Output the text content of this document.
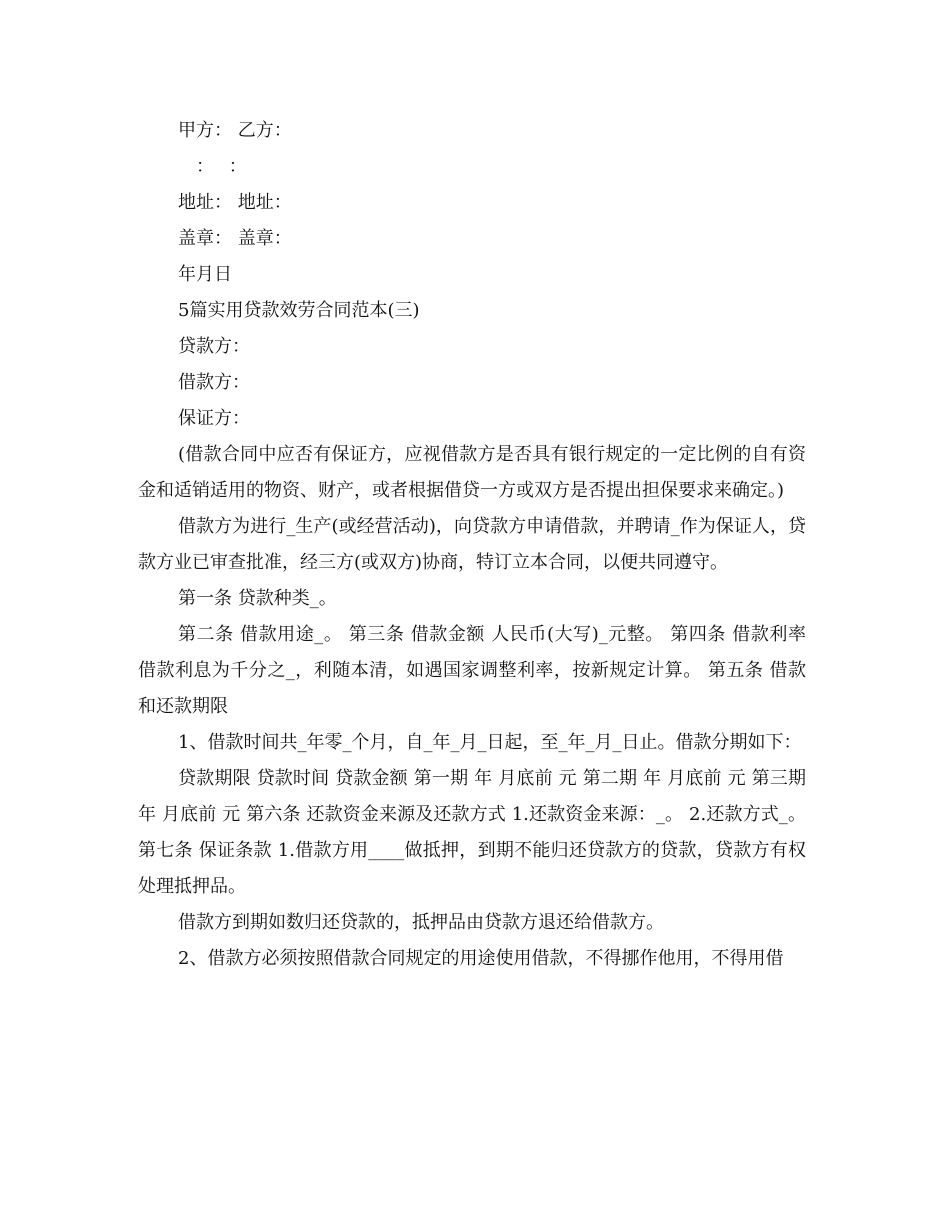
甲方： 乙方：
　：　 ：
地址： 地址：
盖章： 盖章：
年月日
5篇实用贷款效劳合同范本(三)
贷款方：
借款方：
保证方：

(借款合同中应否有保证方，应视借款方是否具有银行规定的一定比例的自有资金和适销适用的物资、财产，或者根据借贷一方或双方是否提出担保要求来确定。)

借款方为进行_生产(或经营活动)，向贷款方申请借款，并聘请_作为保证人，贷款方业已审查批准，经三方(或双方)协商，特订立本合同，以便共同遵守。

第一条 贷款种类_。

第二条 借款用途_。 第三条 借款金额 人民币(大写)_元整。 第四条 借款利率 借款利息为千分之_，利随本清，如遇国家调整利率，按新规定计算。 第五条 借款和还款期限

1、借款时间共_年零_个月，自_年_月_日起，至_年_月_日止。借款分期如下：

贷款期限 贷款时间 贷款金额 第一期 年 月底前 元 第二期 年 月底前 元 第三期 年 月底前 元 第六条 还款资金来源及还款方式 1.还款资金来源：_。 2.还款方式_。 第七条 保证条款 1.借款方用____做抵押，到期不能归还贷款方的贷款，贷款方有权处理抵押品。

借款方到期如数归还贷款的，抵押品由贷款方退还给借款方。

2、借款方必须按照借款合同规定的用途使用借款，不得挪作他用，不得用借
